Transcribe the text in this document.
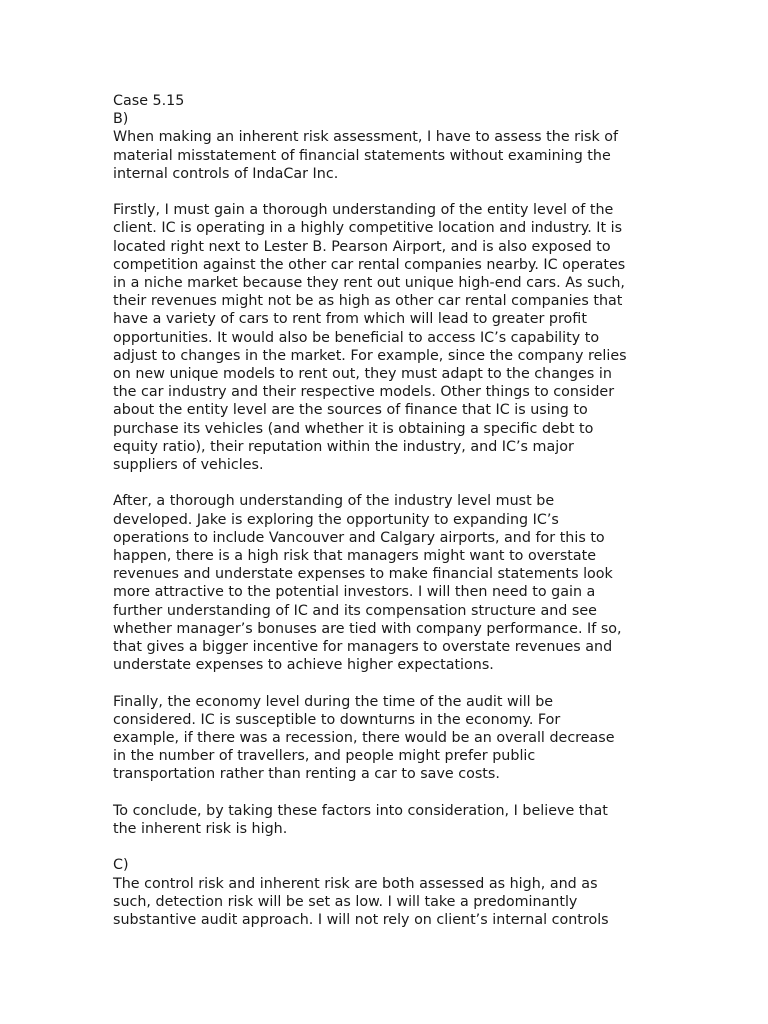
Case 5.15
B)
When making an inherent risk assessment, I have to assess the risk of
material misstatement of financial statements without examining the
internal controls of IndaCar Inc.
Firstly, I must gain a thorough understanding of the entity level of the
client. IC is operating in a highly competitive location and industry. It is
located right next to Lester B. Pearson Airport, and is also exposed to
competition against the other car rental companies nearby. IC operates
in a niche market because they rent out unique high-end cars. As such,
their revenues might not be as high as other car rental companies that
have a variety of cars to rent from which will lead to greater profit
opportunities. It would also be beneficial to access IC’s capability to
adjust to changes in the market. For example, since the company relies
on new unique models to rent out, they must adapt to the changes in
the car industry and their respective models. Other things to consider
about the entity level are the sources of finance that IC is using to
purchase its vehicles (and whether it is obtaining a specific debt to
equity ratio), their reputation within the industry, and IC’s major
suppliers of vehicles.
After, a thorough understanding of the industry level must be
developed. Jake is exploring the opportunity to expanding IC’s
operations to include Vancouver and Calgary airports, and for this to
happen, there is a high risk that managers might want to overstate
revenues and understate expenses to make financial statements look
more attractive to the potential investors. I will then need to gain a
further understanding of IC and its compensation structure and see
whether manager’s bonuses are tied with company performance. If so,
that gives a bigger incentive for managers to overstate revenues and
understate expenses to achieve higher expectations.
Finally, the economy level during the time of the audit will be
considered. IC is susceptible to downturns in the economy. For
example, if there was a recession, there would be an overall decrease
in the number of travellers, and people might prefer public
transportation rather than renting a car to save costs.
To conclude, by taking these factors into consideration, I believe that
the inherent risk is high.
C)
The control risk and inherent risk are both assessed as high, and as
such, detection risk will be set as low. I will take a predominantly
substantive audit approach. I will not rely on client’s internal controls
